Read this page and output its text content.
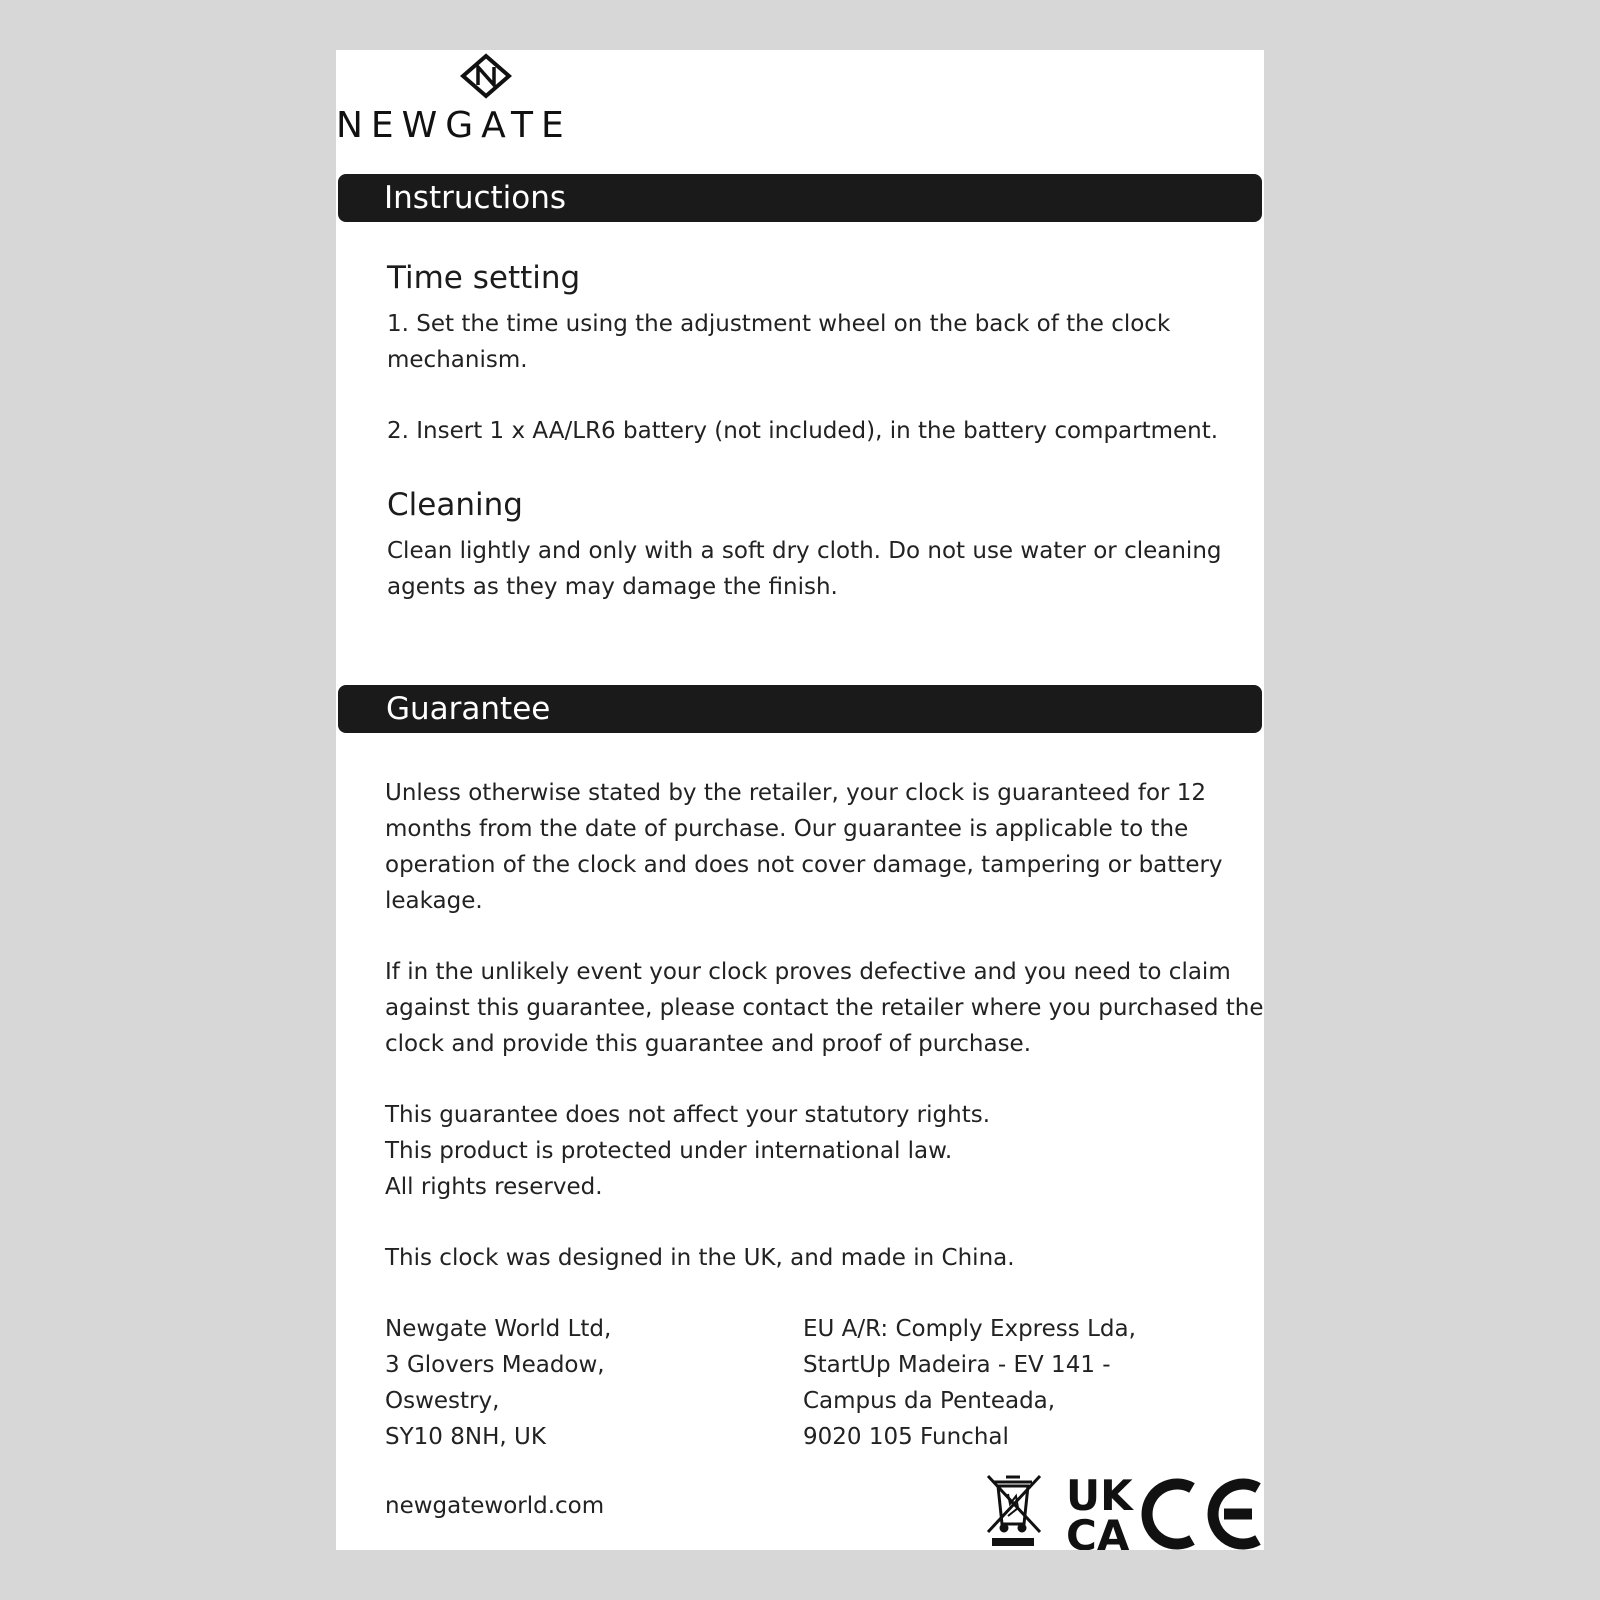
NEWGATE
Instructions
Time setting
1. Set the time using the adjustment wheel on the back of the clock
mechanism.
2. Insert 1 x AA/LR6 battery (not included), in the battery compartment.
Cleaning
Clean lightly and only with a soft dry cloth. Do not use water or cleaning
agents as they may damage the finish.
Guarantee
Unless otherwise stated by the retailer, your clock is guaranteed for 12
months from the date of purchase. Our guarantee is applicable to the
operation of the clock and does not cover damage, tampering or battery
leakage.
If in the unlikely event your clock proves defective and you need to claim
against this guarantee, please contact the retailer where you purchased the
clock and provide this guarantee and proof of purchase.
This guarantee does not affect your statutory rights.
This product is protected under international law.
All rights reserved.
This clock was designed in the UK, and made in China.
Newgate World Ltd,
3 Glovers Meadow,
Oswestry,
SY10 8NH, UK
EU A/R: Comply Express Lda,
StartUp Madeira - EV 141 -
Campus da Penteada,
9020 105 Funchal
newgateworld.com	UK
CA
